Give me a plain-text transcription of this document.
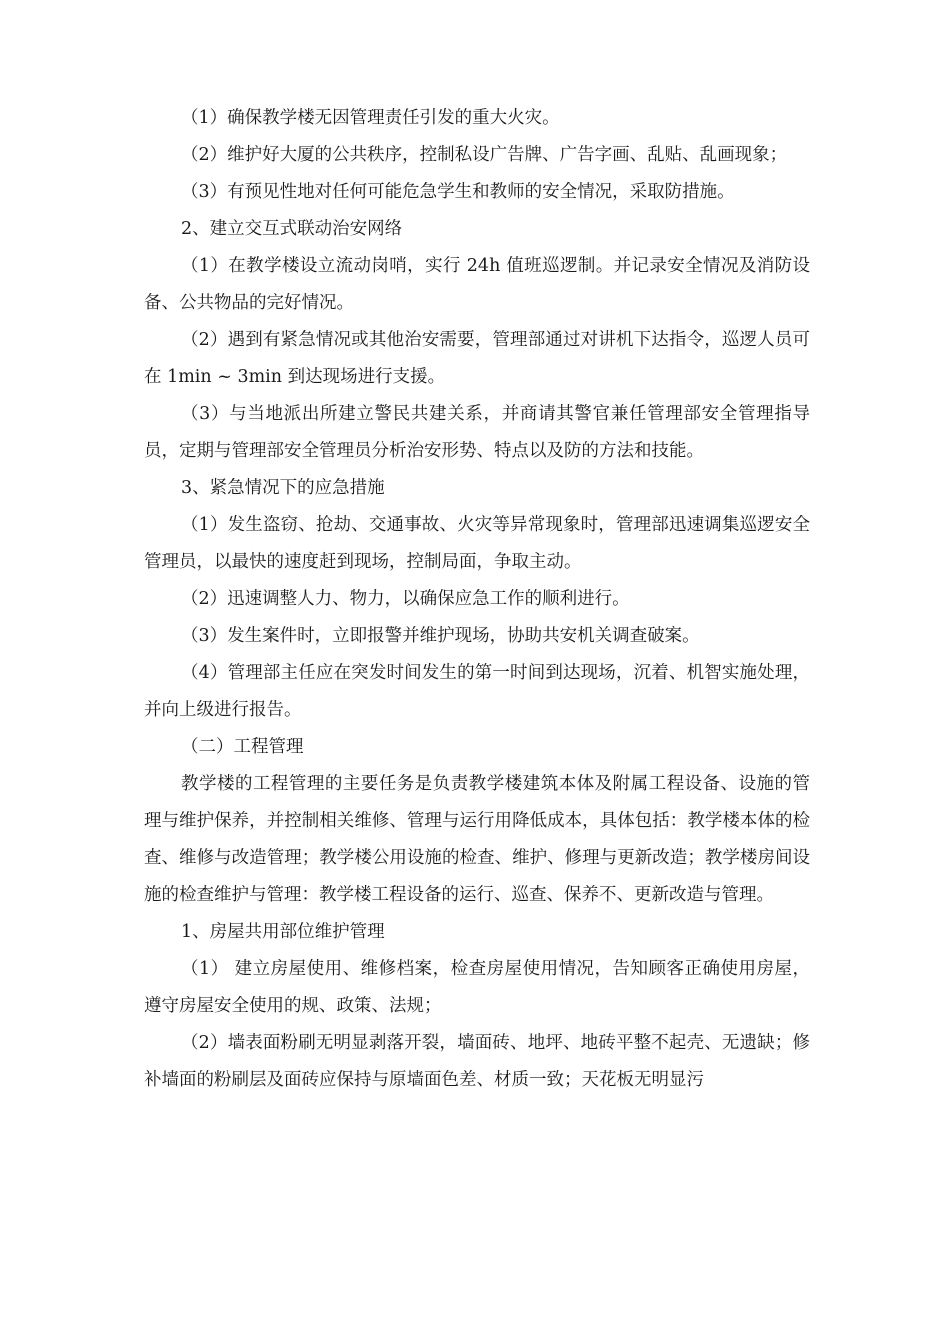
（1）确保教学楼无因管理责任引发的重大火灾。

（2）维护好大厦的公共秩序，控制私设广告牌、广告字画、乱贴、乱画现象；

（3）有预见性地对任何可能危急学生和教师的安全情况，采取防措施。

2、建立交互式联动治安网络

（1）在教学楼设立流动岗哨，实行 24h 值班巡逻制。并记录安全情况及消防设备、公共物品的完好情况。

（2）遇到有紧急情况或其他治安需要，管理部通过对讲机下达指令，巡逻人员可在 1min ~ 3min 到达现场进行支援。

（3）与当地派出所建立警民共建关系，并商请其警官兼任管理部安全管理指导员，定期与管理部安全管理员分析治安形势、特点以及防的方法和技能。

3、紧急情况下的应急措施

（1）发生盗窃、抢劫、交通事故、火灾等异常现象时，管理部迅速调集巡逻安全管理员，以最快的速度赶到现场，控制局面，争取主动。

（2）迅速调整人力、物力，以确保应急工作的顺利进行。

（3）发生案件时，立即报警并维护现场，协助共安机关调查破案。

（4）管理部主任应在突发时间发生的第一时间到达现场，沉着、机智实施处理，并向上级进行报告。

（二）工程管理

教学楼的工程管理的主要任务是负责教学楼建筑本体及附属工程设备、设施的管理与维护保养，并控制相关维修、管理与运行用降低成本，具体包括：教学楼本体的检查、维修与改造管理；教学楼公用设施的检查、维护、修理与更新改造；教学楼房间设施的检查维护与管理：教学楼工程设备的运行、巡查、保养不、更新改造与管理。

1、房屋共用部位维护管理

（1） 建立房屋使用、维修档案，检查房屋使用情况，告知顾客正确使用房屋，遵守房屋安全使用的规、政策、法规；

（2）墙表面粉刷无明显剥落开裂，墙面砖、地坪、地砖平整不起壳、无遗缺；修补墙面的粉刷层及面砖应保持与原墙面色差、材质一致；天花板无明显污
